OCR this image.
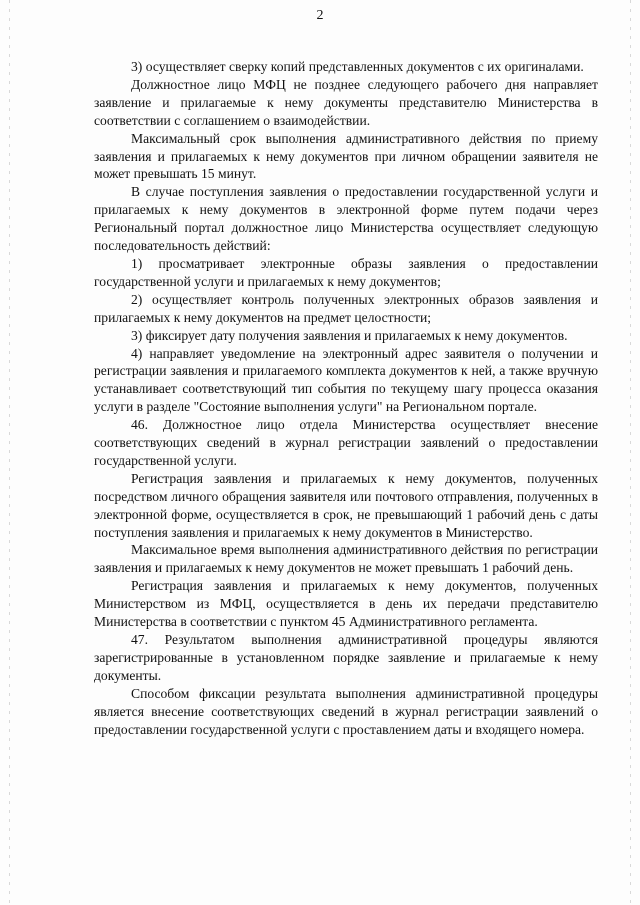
2

3) осуществляет сверку копий представленных документов с их оригиналами.

Должностное лицо МФЦ не позднее следующего рабочего дня направляет заявление и прилагаемые к нему документы представителю Министерства в соответствии с соглашением о взаимодействии.

Максимальный срок выполнения административного действия по приему заявления и прилагаемых к нему документов при личном обращении заявителя не может превышать 15 минут.

В случае поступления заявления о предоставлении государственной услуги и прилагаемых к нему документов в электронной форме путем подачи через Региональный портал должностное лицо Министерства осуществляет следующую последовательность действий:

1) просматривает электронные образы заявления о предоставлении государственной услуги и прилагаемых к нему документов;

2) осуществляет контроль полученных электронных образов заявления и прилагаемых к нему документов на предмет целостности;

3) фиксирует дату получения заявления и прилагаемых к нему документов.

4) направляет уведомление на электронный адрес заявителя о получении и регистрации заявления и прилагаемого комплекта документов к ней, а также вручную устанавливает соответствующий тип события по текущему шагу процесса оказания услуги в разделе "Состояние выполнения услуги" на Региональном портале.

46. Должностное лицо отдела Министерства осуществляет внесение соответствующих сведений в журнал регистрации заявлений о предоставлении государственной услуги.

Регистрация заявления и прилагаемых к нему документов, полученных посредством личного обращения заявителя или почтового отправления, полученных в электронной форме, осуществляется в срок, не превышающий 1 рабочий день с даты поступления заявления и прилагаемых к нему документов в Министерство.

Максимальное время выполнения административного действия по регистрации заявления и прилагаемых к нему документов не может превышать 1 рабочий день.

Регистрация заявления и прилагаемых к нему документов, полученных Министерством из МФЦ, осуществляется в день их передачи представителю Министерства в соответствии с пунктом 45 Административного регламента.

47. Результатом выполнения административной процедуры являются зарегистрированные в установленном порядке заявление и прилагаемые к нему документы.

Способом фиксации результата выполнения административной процедуры является внесение соответствующих сведений в журнал регистрации заявлений о предоставлении государственной услуги с проставлением даты и входящего номера.
